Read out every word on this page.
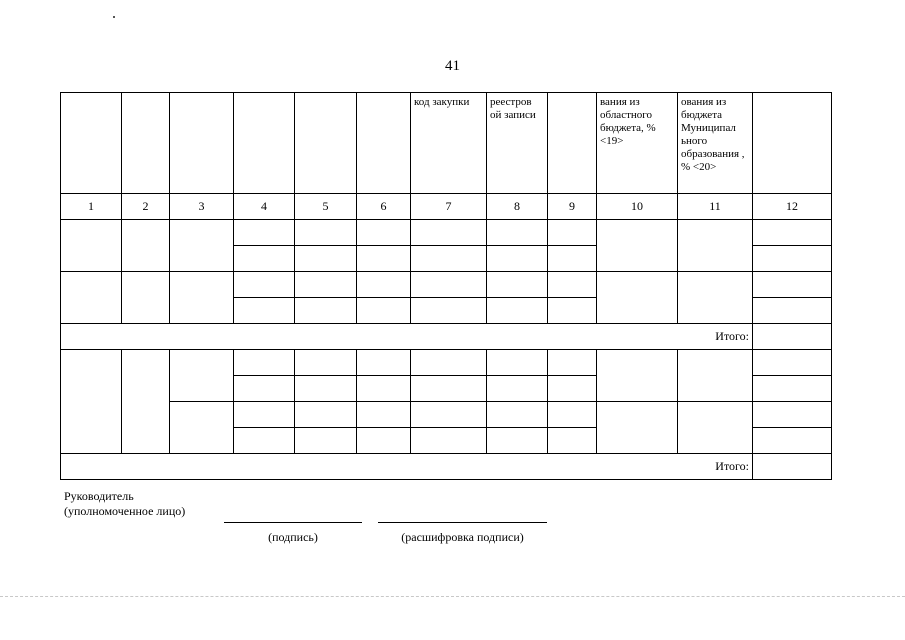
41

						код закупки	реестров ой записи		вания из областного бюджета, % <19>	ования из бюджета Муниципал ьного образования , % <20>	

1	2	3	4	5	6	7	8	9	10	11	12

Итого:											

Итого:											
Руководитель
(уполномоченное лицо)
(подпись)	(расшифровка подписи)
